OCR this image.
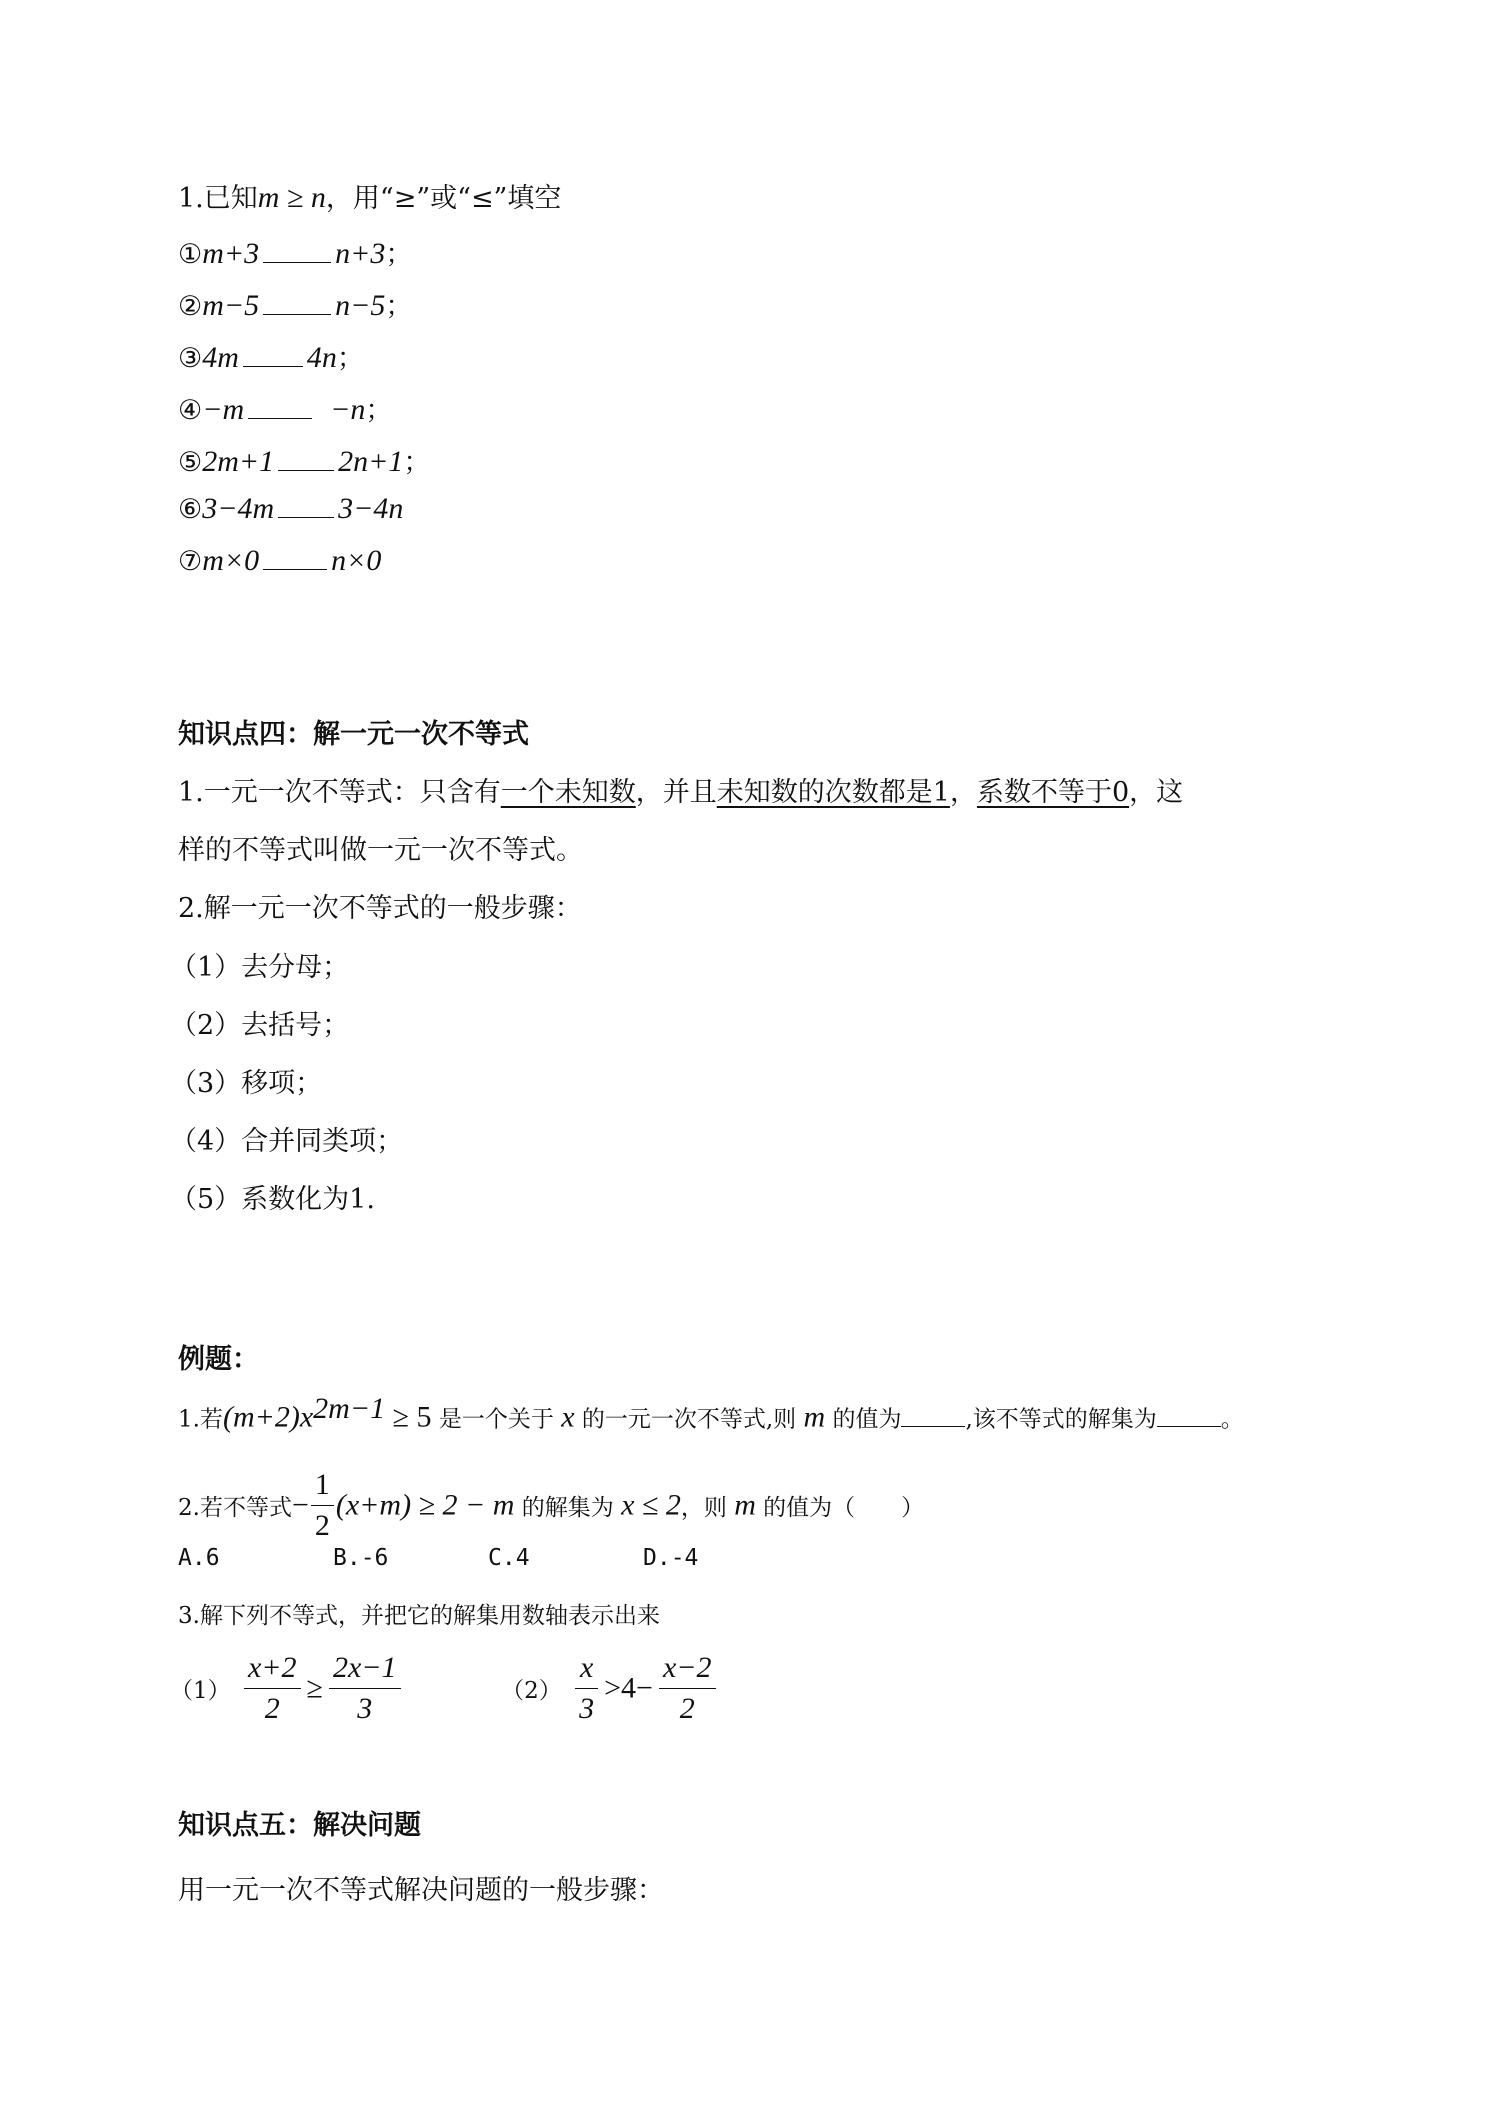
1.已知m ≥ n，用“≥”或“≤”填空
①m+3	n+3；
②m−5	n−5；
③4m 4n；
④−m	−n；
⑤2m+1 2n+1；
⑥3−4m 3−4n
⑦m×0 n×0
知识点四：解一元一次不等式
1.一元一次不等式：只含有一个未知数，并且未知数的次数都是1，系数不等于0，这
样的不等式叫做一元一次不等式。
2.解一元一次不等式的一般步骤：
（1）去分母；
（2）去括号；
（3）移项；
（4）合并同类项；
（5）系数化为1.
例题：
1.若$(m+2)x^{2m-1} \ge 5$ 是一个关于 x 的一元一次不等式,则 m 的值为	,该不等式的解集为	。
2.若不等式− $\frac{1}{2} (x+m) \ge 2 - m$ 的解集为 x ≤ 2，则 m 的值为（　　）
A.6	B.-6	C.4	D.-4
3.解下列不等式，并把它的解集用数轴表示出来
$(1) \frac{x+2}{2} \ge \frac{2x-1}{3}$	$(2) \frac{x}{3} >4- \frac{x-2}{2}$
知识点五：解决问题
用一元一次不等式解决问题的一般步骤：
